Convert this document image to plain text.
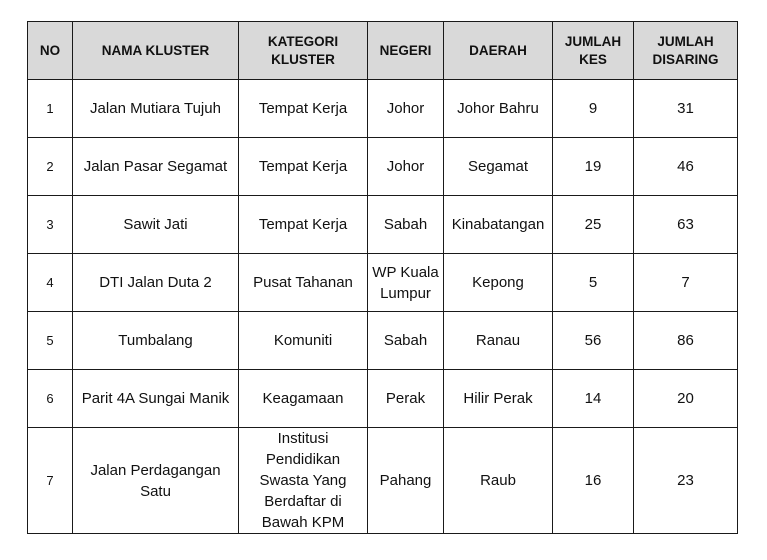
NO	NAMA KLUSTER	KATEGORI KLUSTER	NEGERI	DAERAH	JUMLAH KES	JUMLAH DISARING
1	Jalan Mutiara Tujuh	Tempat Kerja	Johor	Johor Bahru	9	31
2	Jalan Pasar Segamat	Tempat Kerja	Johor	Segamat	19	46
3	Sawit Jati	Tempat Kerja	Sabah	Kinabatangan	25	63
4	DTI Jalan Duta 2	Pusat Tahanan	WP Kuala Lumpur	Kepong	5	7
5	Tumbalang	Komuniti	Sabah	Ranau	56	86
6	Parit 4A Sungai Manik	Keagamaan	Perak	Hilir Perak	14	20
7	Jalan Perdagangan Satu	Institusi Pendidikan Swasta Yang Berdaftar di Bawah KPM	Pahang	Raub	16	23
